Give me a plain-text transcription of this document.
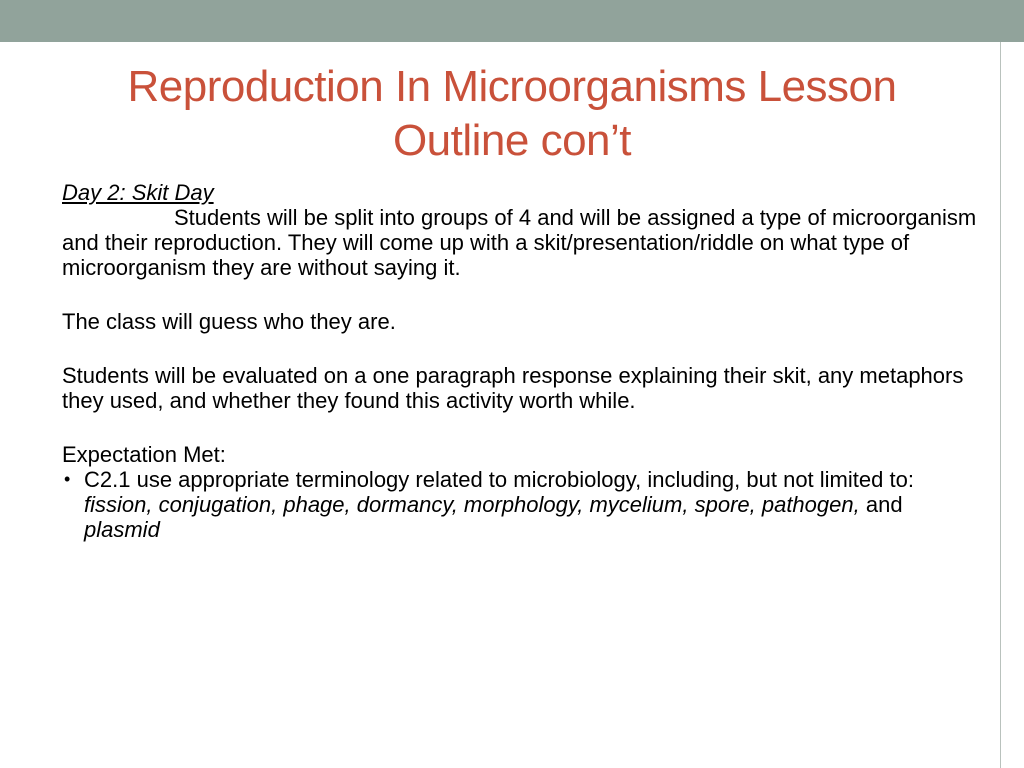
Reproduction In Microorganisms Lesson
Outline con’t

Day 2: Skit Day

Students will be split into groups of 4 and will be assigned a type of microorganism and their reproduction. They will come up with a skit/presentation/riddle on what type of microorganism they are without saying it.

The class will guess who they are.

Students will be evaluated on a one paragraph response explaining their skit, any metaphors they used, and whether they found this activity worth while.

Expectation Met:

• C2.1 use appropriate terminology related to microbiology, including, but not limited to: fission, conjugation, phage, dormancy, morphology, mycelium, spore, pathogen, and plasmid
